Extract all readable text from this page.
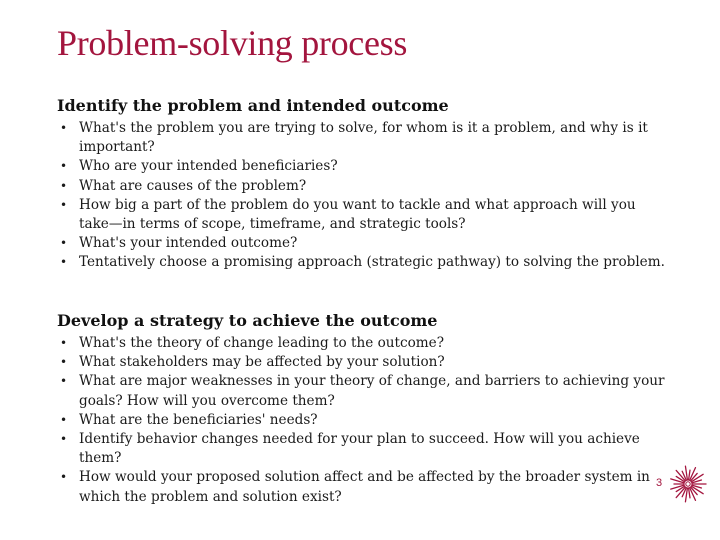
Problem-solving process
Identify the problem and intended outcome
• What's the problem you are trying to solve, for whom is it a problem, and why is it important?
• Who are your intended beneficiaries?
• What are causes of the problem?
• How big a part of the problem do you want to tackle and what approach will you take—in terms of scope, timeframe, and strategic tools?
• What's your intended outcome?
• Tentatively choose a promising approach (strategic pathway) to solving the problem.
Develop a strategy to achieve the outcome
• What's the theory of change leading to the outcome?
• What stakeholders may be affected by your solution?
• What are major weaknesses in your theory of change, and barriers to achieving your goals? How will you overcome them?
• What are the beneficiaries' needs?
• Identify behavior changes needed for your plan to succeed. How will you achieve them?
• How would your proposed solution affect and be affected by the broader system in which the problem and solution exist?
3
